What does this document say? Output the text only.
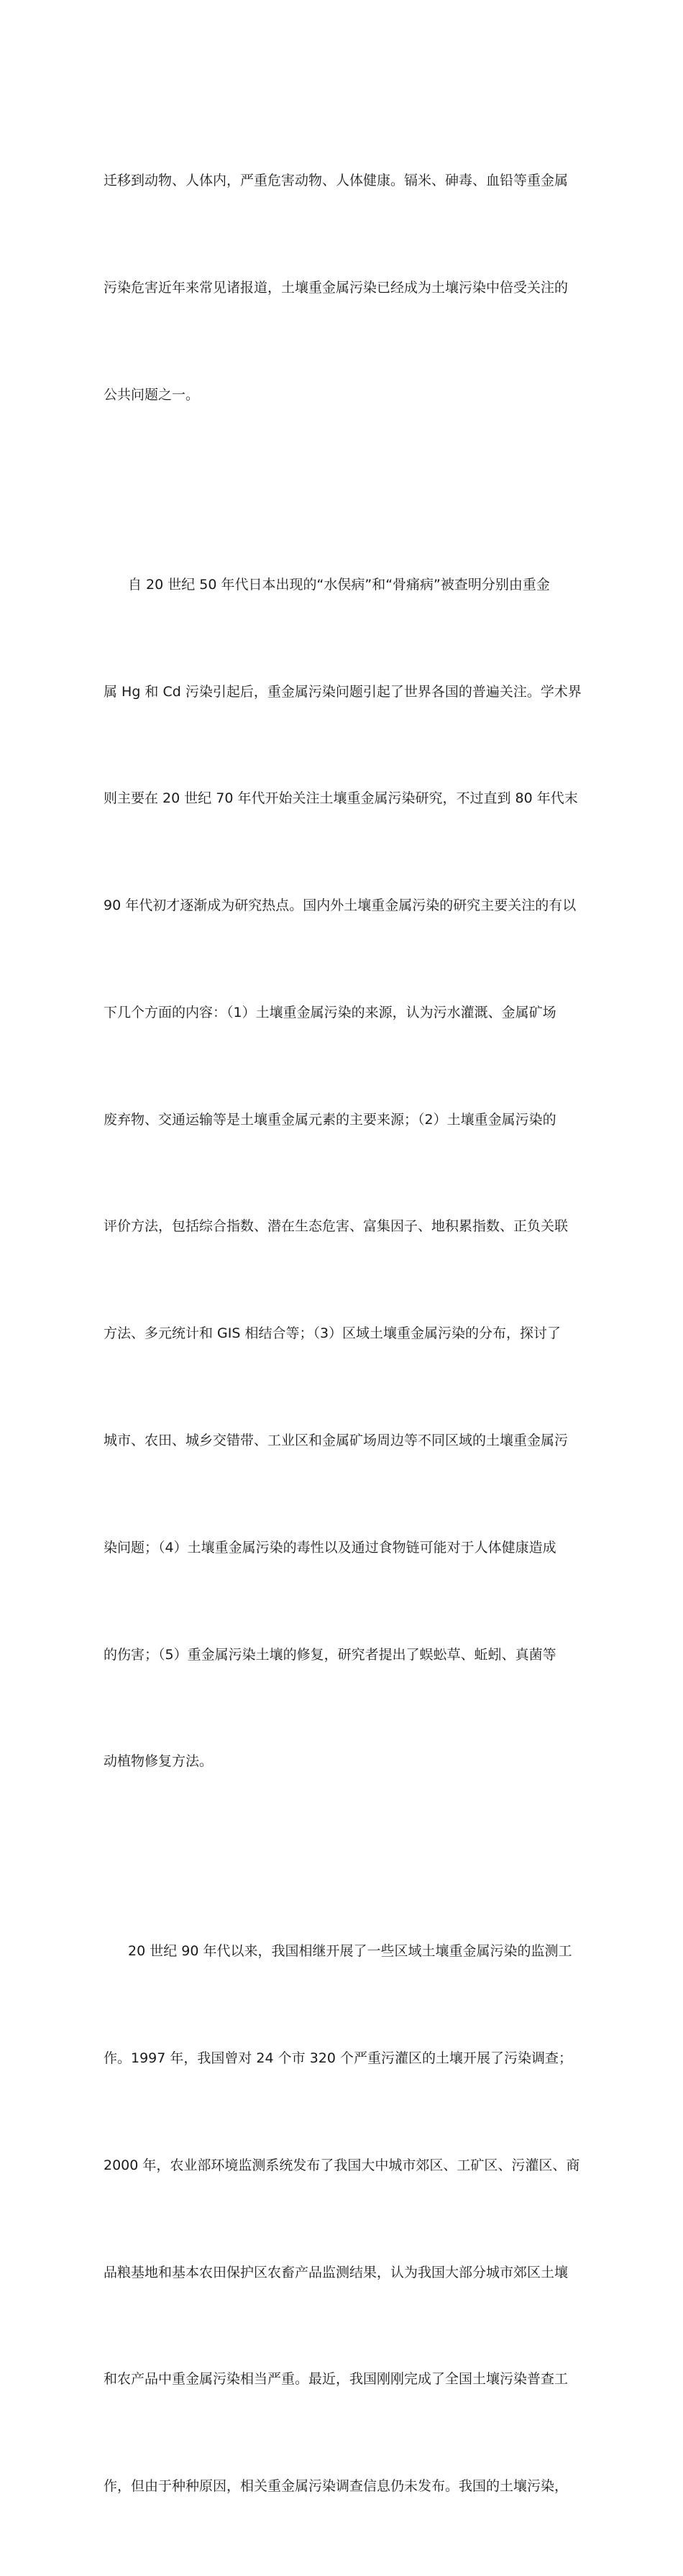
迁移到动物、人体内，严重危害动物、人体健康。镉米、砷毒、血铅等重金属

污染危害近年来常见诸报道，土壤重金属污染已经成为土壤污染中倍受关注的

公共问题之一。

自 20 世纪 50 年代日本出现的“水俣病”和“骨痛病”被查明分别由重金

属 Hg 和 Cd 污染引起后，重金属污染问题引起了世界各国的普遍关注。学术界

则主要在 20 世纪 70 年代开始关注土壤重金属污染研究，不过直到 80 年代末

90 年代初才逐渐成为研究热点。国内外土壤重金属污染的研究主要关注的有以

下几个方面的内容：（1）土壤重金属污染的来源，认为污水灌溉、金属矿场

废弃物、交通运输等是土壤重金属元素的主要来源；（2）土壤重金属污染的

评价方法，包括综合指数、潜在生态危害、富集因子、地积累指数、正负关联

方法、多元统计和 GIS 相结合等；（3）区域土壤重金属污染的分布，探讨了

城市、农田、城乡交错带、工业区和金属矿场周边等不同区域的土壤重金属污

染问题；（4）土壤重金属污染的毒性以及通过食物链可能对于人体健康造成

的伤害；（5）重金属污染土壤的修复，研究者提出了蜈蚣草、蚯蚓、真菌等

动植物修复方法。

20 世纪 90 年代以来，我国相继开展了一些区域土壤重金属污染的监测工

作。1997 年，我国曾对 24 个市 320 个严重污灌区的土壤开展了污染调查；

2000 年，农业部环境监测系统发布了我国大中城市郊区、工矿区、污灌区、商

品粮基地和基本农田保护区农畜产品监测结果，认为我国大部分城市郊区土壤

和农产品中重金属污染相当严重。最近，我国刚刚完成了全国土壤污染普查工

作，但由于种种原因，相关重金属污染调查信息仍未发布。我国的土壤污染，
